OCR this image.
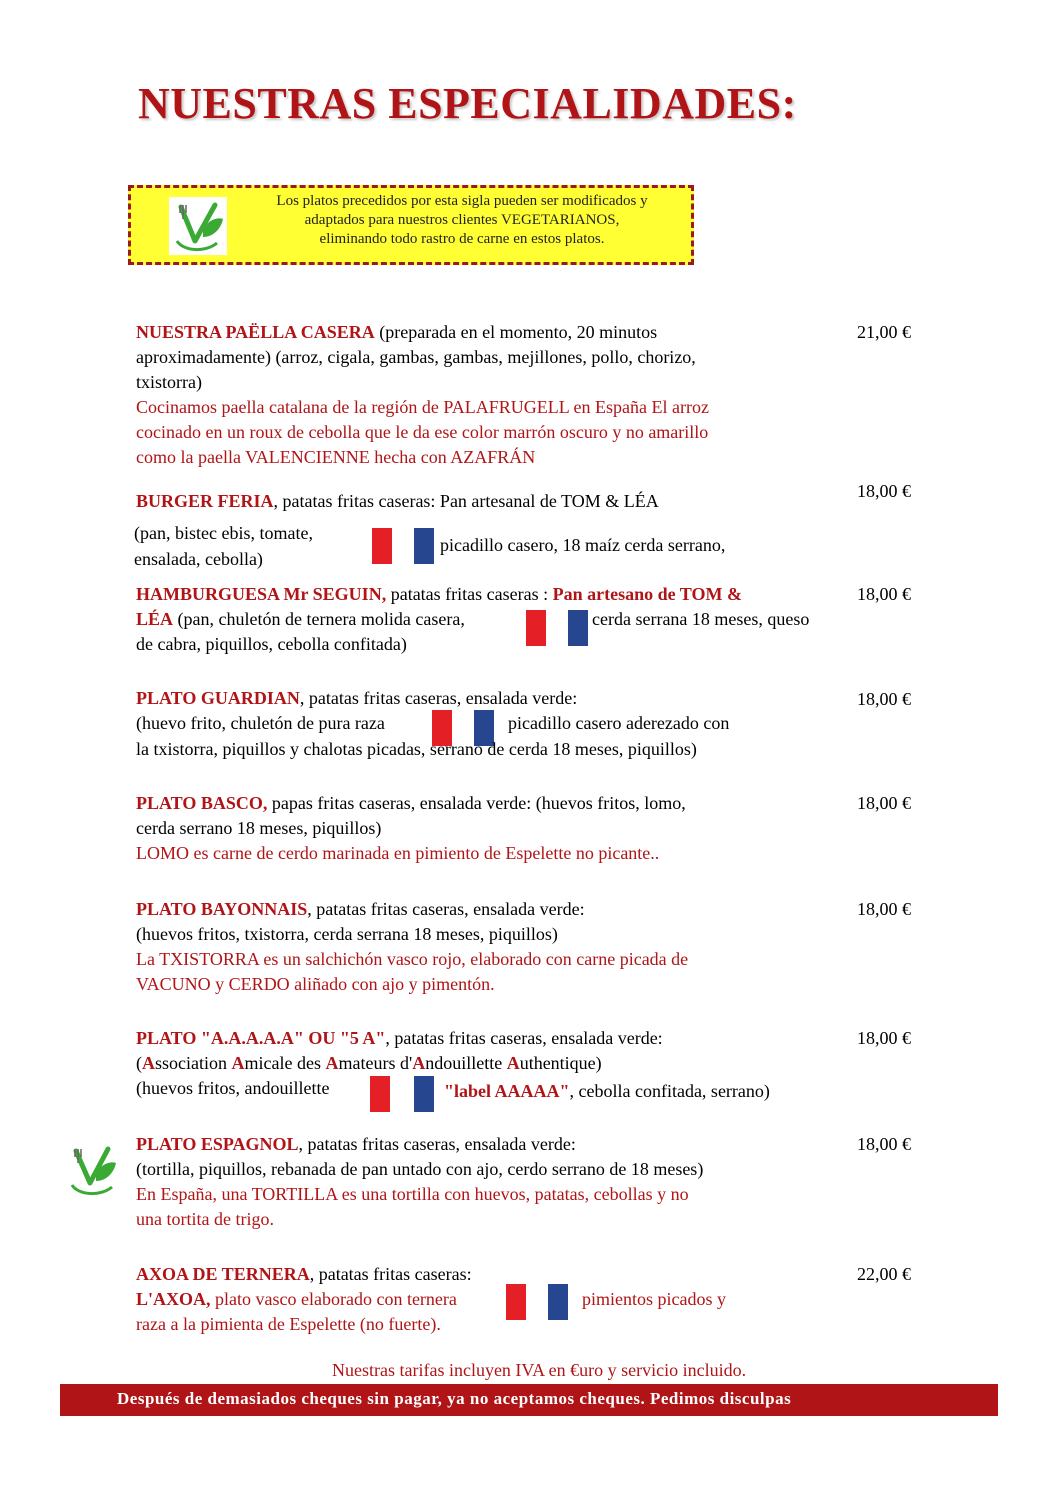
NUESTRAS ESPECIALIDADES:
Los platos precedidos por esta sigla pueden ser modificados y
adaptados para nuestros clientes VEGETARIANOS,
eliminando todo rastro de carne en estos platos.
NUESTRA PAËLLA CASERA (preparada en el momento, 20 minutos
aproximadamente) (arroz, cigala, gambas, gambas, mejillones, pollo, chorizo,
txistorra)
Cocinamos paella catalana de la región de PALAFRUGELL en España El arroz
cocinado en un roux de cebolla que le da ese color marrón oscuro y no amarillo
como la paella VALENCIENNE hecha con AZAFRÁN
21,00 €
BURGER FERIA, patatas fritas caseras: Pan artesanal de TOM & LÉA
(pan, bistec ebis, tomate,
picadillo casero, 18 maíz cerda serrano,
ensalada, cebolla)
18,00 €
HAMBURGUESA Mr SEGUIN, patatas fritas caseras : Pan artesano de TOM &
LÉA (pan, chuletón de ternera molida casera,	cerda serrana 18 meses, queso
de cabra, piquillos, cebolla confitada)
18,00 €
PLATO GUARDIAN, patatas fritas caseras, ensalada verde:
(huevo frito, chuletón de pura raza	picadillo casero aderezado con
la txistorra, piquillos y chalotas picadas, serrano de cerda 18 meses, piquillos)
18,00 €
PLATO BASCO, papas fritas caseras, ensalada verde: (huevos fritos, lomo,
cerda serrano 18 meses, piquillos)
LOMO es carne de cerdo marinada en pimiento de Espelette no picante..
18,00 €
PLATO BAYONNAIS, patatas fritas caseras, ensalada verde:
(huevos fritos, txistorra, cerda serrana 18 meses, piquillos)
La TXISTORRA es un salchichón vasco rojo, elaborado con carne picada de
VACUNO y CERDO aliñado con ajo y pimentón.
18,00 €
PLATO "A.A.A.A.A" OU "5 A", patatas fritas caseras, ensalada verde:
(Association Amicale des Amateurs d'Andouillette Authentique)
(huevos fritos, andouillette	"label AAAAA", cebolla confitada, serrano)
18,00 €
PLATO ESPAGNOL, patatas fritas caseras, ensalada verde:
(tortilla, piquillos, rebanada de pan untado con ajo, cerdo serrano de 18 meses)
En España, una TORTILLA es una tortilla con huevos, patatas, cebollas y no
una tortita de trigo.
18,00 €
AXOA DE TERNERA, patatas fritas caseras:
L'AXOA, plato vasco elaborado con ternera	pimientos picados y
raza a la pimienta de Espelette (no fuerte).
22,00 €
Nuestras tarifas incluyen IVA en €uro y servicio incluido.
Después de demasiados cheques sin pagar, ya no aceptamos cheques. Pedimos disculpas
